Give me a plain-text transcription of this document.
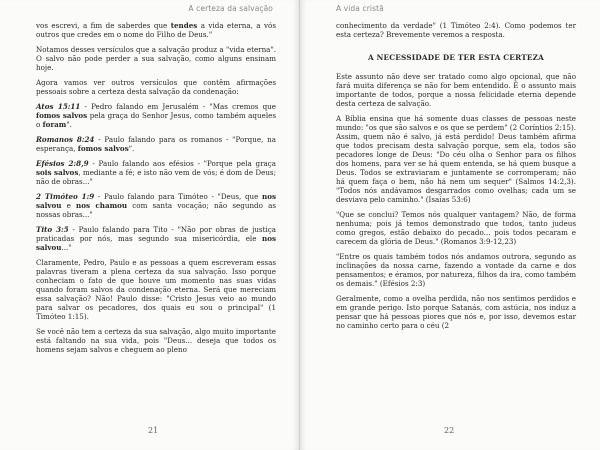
A certeza da salvação

vos escrevi, a fim de saberdes que tendes a vida eterna, a vós outros que credes em o nome do Filho de Deus."

Notamos desses versículos que a salvação produz a "vida eterna". O salvo não pode perder a sua salvação, como alguns ensinam hoje.

Agora vamos ver outros versículos que contêm afirmações pessoais sobre a certeza desta salvação da condenação:

Atos 15:11 - Pedro falando em Jerusalém - "Mas cremos que fomos salvos pela graça do Senhor Jesus, como também aqueles o foram".

Romanos 8:24 - Paulo falando para os romanos - "Porque, na esperança, fomos salvos".

Efésios 2:8,9 - Paulo falando aos efésios - "Porque pela graça sois salvos, mediante a fé; e isto não vem de vós; é dom de Deus; não de obras..."

2 Timóteo 1:9 - Paulo falando para Timóteo - "Deus, que nos salvou e nos chamou com santa vocação; não segundo as nossas obras..."

Tito 3:5 - Paulo falando para Tito - "Não por obras de justiça praticadas por nós, mas segundo sua misericórdia, ele nos salvou..."

Claramente, Pedro, Paulo e as pessoas a quem escreveram essas palavras tiveram a plena certeza da sua salvação. Isso porque conheciam o fato de que houve um momento nas suas vidas quando foram salvos da condenação eterna. Será que mereciam essa salvação? Não! Paulo disse: "Cristo Jesus veio ao mundo para salvar os pecadores, dos quais eu sou o principal" (1 Timóteo 1:15).

Se você não tem a certeza da sua salvação, algo muito importante está faltando na sua vida, pois "Deus... deseja que todos os homens sejam salvos e cheguem ao pleno

21
A vida cristã

conhecimento da verdade" (1 Timóteo 2:4). Como podemos ter esta certeza? Brevemente veremos a resposta.

A NECESSIDADE DE TER ESTA CERTEZA

Este assunto não deve ser tratado como algo opcional, que não fará muita diferença se não for bem entendido. É o assunto mais importante de todos, porque a nossa felicidade eterna depende desta certeza de salvação.

A Bíblia ensina que há somente duas classes de pessoas neste mundo: "os que são salvos e os que se perdem" (2 Coríntios 2:15). Assim, quem não é salvo, já está perdido! Deus também afirma que todos precisam desta salvação porque, sem ela, todos são pecadores longe de Deus: "Do céu olha o Senhor para os filhos dos homens, para ver se há quem entenda, se há quem busque a Deus. Todos se extraviaram e juntamente se corromperam; não há quem faça o bem, não há nem um sequer" (Salmos 14:2,3). "Todos nós andávamos desgarrados como ovelhas; cada um se desviava pelo caminho." (Isaías 53:6)

"Que se conclui? Temos nós qualquer vantagem? Não, de forma nenhuma; pois já temos demonstrado que todos, tanto judeus como gregos, estão debaixo do pecado... pois todos pecaram e carecem da glória de Deus." (Romanos 3:9-12,23)

"Entre os quais também todos nós andamos outrora, segundo as inclinações da nossa carne, fazendo a vontade da carne e dos pensamentos; e éramos, por natureza, filhos da ira, como também os demais." (Efésios 2:3)

Geralmente, como a ovelha perdida, não nos sentimos perdidos e em grande perigo. Isto porque Satanás, com astúcia, nos induz a pensar que há pessoas piores que nós e, por isso, devemos estar no caminho certo para o céu (2

22
